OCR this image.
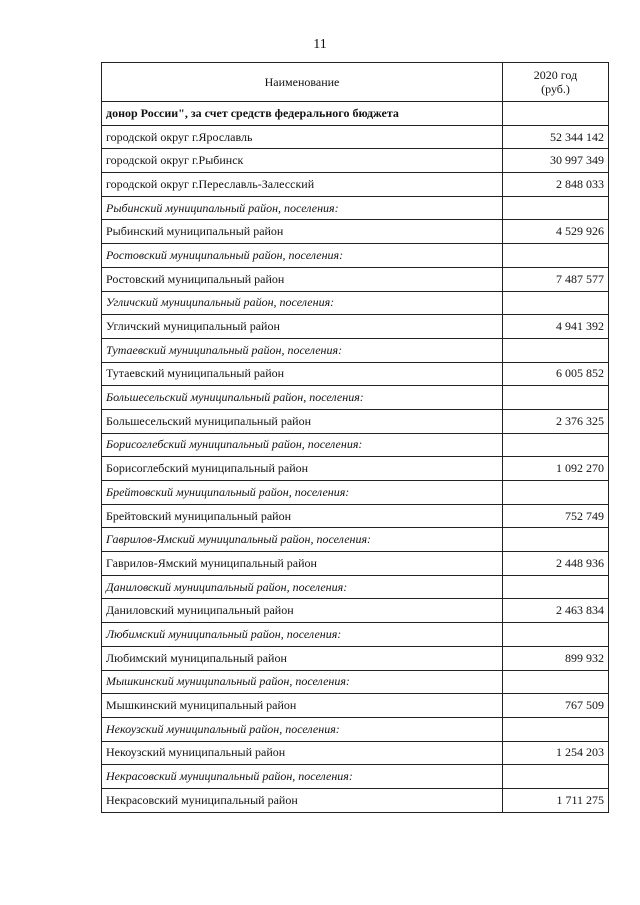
11
Наименование	2020 год
(руб.)

донор России", за счет средств федерального бюджета	
городской округ г.Ярославль	52 344 142
городской округ г.Рыбинск	30 997 349
городской округ г.Переславль-Залесский	2 848 033
Рыбинский муниципальный район, поселения:	
Рыбинский муниципальный район	4 529 926
Ростовский муниципальный район, поселения:	
Ростовский муниципальный район	7 487 577
Угличский муниципальный район, поселения:	
Угличский муниципальный район	4 941 392
Тутаевский муниципальный район, поселения:	
Тутаевский муниципальный район	6 005 852
Большесельский муниципальный район, поселения:	
Большесельский муниципальный район	2 376 325
Борисоглебский муниципальный район, поселения:	
Борисоглебский муниципальный район	1 092 270
Брейтовский муниципальный район, поселения:	
Брейтовский муниципальный район	752 749
Гаврилов-Ямский муниципальный район, поселения:	
Гаврилов-Ямский муниципальный район	2 448 936
Даниловский муниципальный район, поселения:	
Даниловский муниципальный район	2 463 834
Любимский муниципальный район, поселения:	
Любимский муниципальный район	899 932
Мышкинский муниципальный район, поселения:	
Мышкинский муниципальный район	767 509
Некоузский муниципальный район, поселения:	
Некоузский муниципальный район	1 254 203
Некрасовский муниципальный район, поселения:	
Некрасовский муниципальный район	1 711 275
